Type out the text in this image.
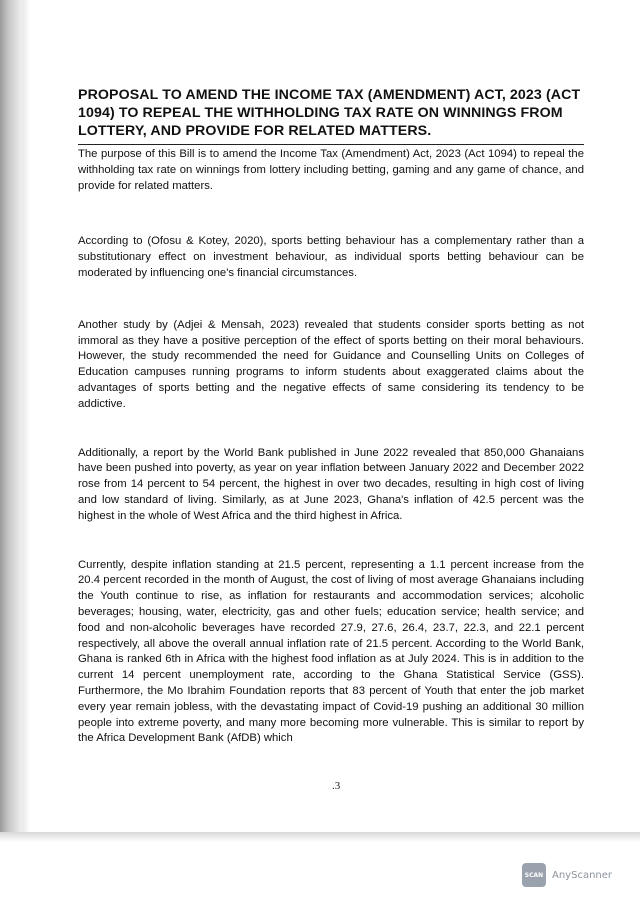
PROPOSAL TO AMEND THE INCOME TAX (AMENDMENT) ACT, 2023 (ACT 1094) TO REPEAL THE WITHHOLDING TAX RATE ON WINNINGS FROM LOTTERY, AND PROVIDE FOR RELATED MATTERS.

The purpose of this Bill is to amend the Income Tax (Amendment) Act, 2023 (Act 1094) to repeal the withholding tax rate on winnings from lottery including betting, gaming and any game of chance, and provide for related matters.

According to (Ofosu & Kotey, 2020), sports betting behaviour has a complementary rather than a substitutionary effect on investment behaviour, as individual sports betting behaviour can be moderated by influencing one's financial circumstances.

Another study by (Adjei & Mensah, 2023) revealed that students consider sports betting as not immoral as they have a positive perception of the effect of sports betting on their moral behaviours. However, the study recommended the need for Guidance and Counselling Units on Colleges of Education campuses running programs to inform students about exaggerated claims about the advantages of sports betting and the negative effects of same considering its tendency to be addictive.

Additionally, a report by the World Bank published in June 2022 revealed that 850,000 Ghanaians have been pushed into poverty, as year on year inflation between January 2022 and December 2022 rose from 14 percent to 54 percent, the highest in over two decades, resulting in high cost of living and low standard of living. Similarly, as at June 2023, Ghana's inflation of 42.5 percent was the highest in the whole of West Africa and the third highest in Africa.

Currently, despite inflation standing at 21.5 percent, representing a 1.1 percent increase from the 20.4 percent recorded in the month of August, the cost of living of most average Ghanaians including the Youth continue to rise, as inflation for restaurants and accommodation services; alcoholic beverages; housing, water, electricity, gas and other fuels; education service; health service; and food and non-alcoholic beverages have recorded 27.9, 27.6, 26.4, 23.7, 22.3, and 22.1 percent respectively, all above the overall annual inflation rate of 21.5 percent. According to the World Bank, Ghana is ranked 6th in Africa with the highest food inflation as at July 2024. This is in addition to the current 14 percent unemployment rate, according to the Ghana Statistical Service (GSS). Furthermore, the Mo Ibrahim Foundation reports that 83 percent of Youth that enter the job market every year remain jobless, with the devastating impact of Covid-19 pushing an additional 30 million people into extreme poverty, and many more becoming more vulnerable. This is similar to report by the Africa Development Bank (AfDB) which

.3
SCAN AnyScanner
